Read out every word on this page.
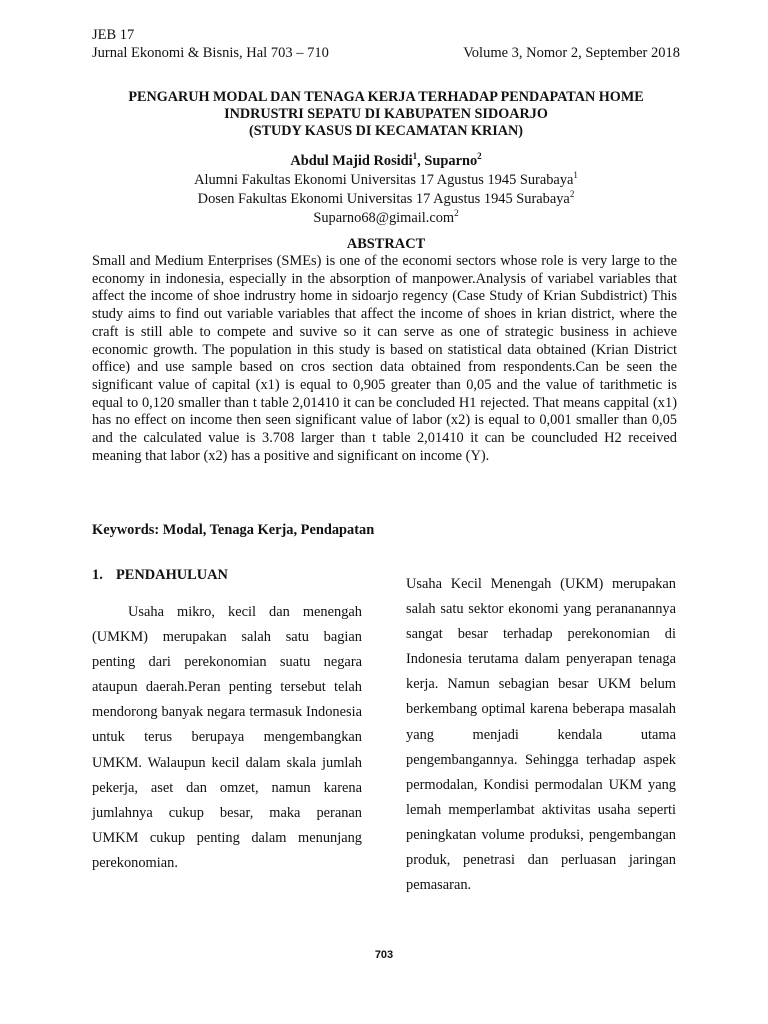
JEB 17
Jurnal Ekonomi & Bisnis, Hal 703 – 710	Volume 3, Nomor 2, September 2018
PENGARUH MODAL DAN TENAGA KERJA TERHADAP PENDAPATAN HOME
INDRUSTRI SEPATU DI KABUPATEN SIDOARJO
(STUDY KASUS DI KECAMATAN KRIAN)
Abdul Majid Rosidi$^1$, Suparno$^2$
Alumni Fakultas Ekonomi Universitas 17 Agustus 1945 Surabaya$^1$
Dosen Fakultas Ekonomi Universitas 17 Agustus 1945 Surabaya$^2$
Suparno68@gimail.com$^2$
ABSTRACT
Small and Medium Enterprises (SMEs) is one of the economi sectors whose role is very large to the economy in indonesia, especially in the absorption of manpower.Analysis of variabel variables that affect the income of shoe indrustry home in sidoarjo regency (Case Study of Krian Subdistrict) This study aims to find out variable variables that affect the income of shoes in krian district, where the craft is still able to compete and suvive so it can serve as one of strategic business in achieve economic growth. The population in this study is based on statistical data obtained (Krian District office) and use sample based on cros section data obtained from respondents.Can be seen the significant value of capital (x1) is equal to 0,905 greater than 0,05 and the value of tarithmetic is equal to 0,120 smaller than t table 2,01410 it can be concluded H1 rejected. That means cappital (x1) has no effect on income then seen significant value of labor (x2) is equal to 0,001 smaller than 0,05 and the calculated value is 3.708 larger than t table 2,01410 it can be councluded H2 received meaning that labor (x2) has a positive and significant on income (Y).
Keywords: Modal, Tenaga Kerja, Pendapatan
1. PENDAHULUAN

Usaha mikro, kecil dan menengah (UMKM) merupakan salah satu bagian penting dari perekonomian suatu negara ataupun daerah.Peran penting tersebut telah mendorong banyak negara termasuk Indonesia untuk terus berupaya mengembangkan UMKM. Walaupun kecil dalam skala jumlah pekerja, aset dan omzet, namun karena jumlahnya cukup besar, maka peranan UMKM cukup penting dalam menunjang perekonomian.

Usaha Kecil Menengah (UKM) merupakan salah satu sektor ekonomi yang perananannya sangat besar terhadap perekonomian di Indonesia terutama dalam penyerapan tenaga kerja. Namun sebagian besar UKM belum berkembang optimal karena beberapa masalah yang menjadi kendala utama pengembangannya. Sehingga terhadap aspek permodalan, Kondisi permodalan UKM yang lemah memperlambat aktivitas usaha seperti peningkatan volume produksi, pengembangan produk, penetrasi dan perluasan jaringan pemasaran.

703
